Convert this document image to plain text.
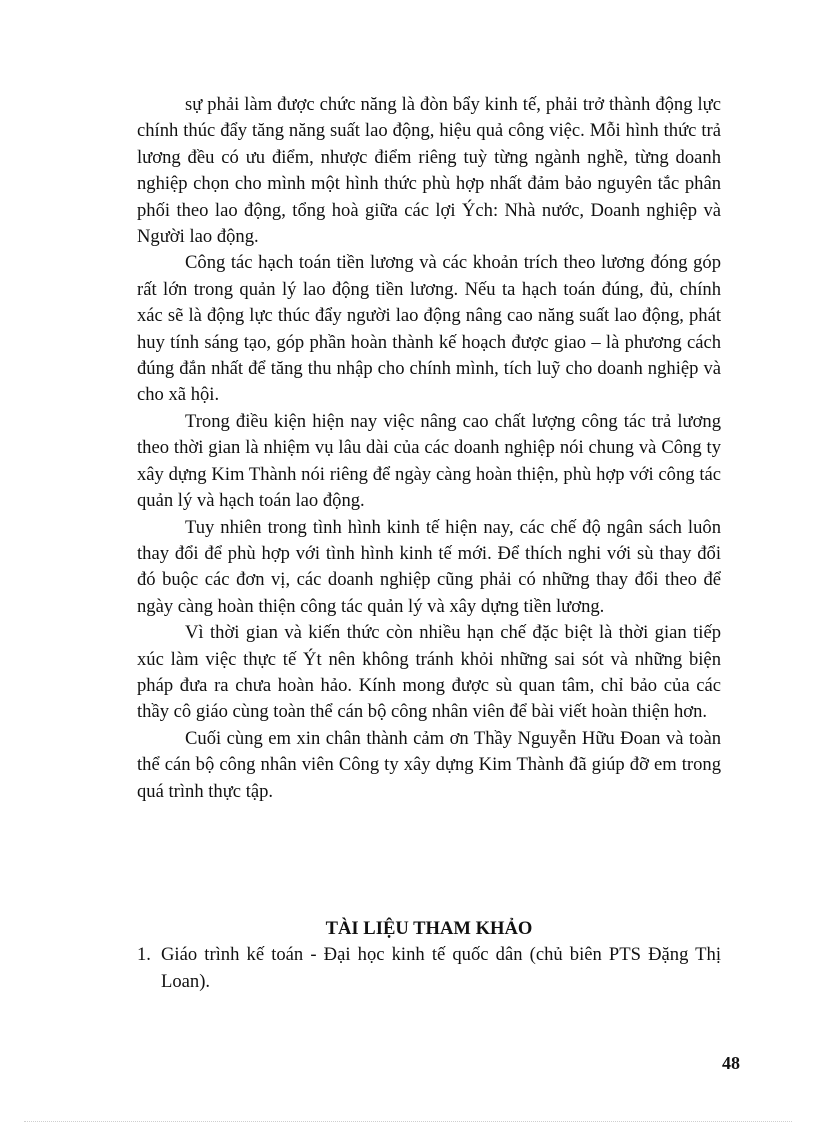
sự phải làm được chức năng là đòn bẩy kinh tế, phải trở thành động lực chính thúc đẩy tăng năng suất lao động, hiệu quả công việc. Mỗi hình thức trả lương đều có ưu điểm, nhược điểm riêng tuỳ từng ngành nghề, từng doanh nghiệp chọn cho mình một hình thức phù hợp nhất đảm bảo nguyên tắc phân phối theo lao động, tổng hoà giữa các lợi Ých: Nhà nước, Doanh nghiệp và Người lao động.

Công tác hạch toán tiền lương và các khoản trích theo lương đóng góp rất lớn trong quản lý lao động tiền lương. Nếu ta hạch toán đúng, đủ, chính xác sẽ là động lực thúc đẩy người lao động nâng cao năng suất lao động, phát huy tính sáng tạo, góp phần hoàn thành kế hoạch được giao – là phương cách đúng đắn nhất để tăng thu nhập cho chính mình, tích luỹ cho doanh nghiệp và cho xã hội.

Trong điều kiện hiện nay việc nâng cao chất lượng công tác trả lương theo thời gian là nhiệm vụ lâu dài của các doanh nghiệp nói chung và Công ty xây dựng Kim Thành nói riêng để ngày càng hoàn thiện, phù hợp với công tác quản lý và hạch toán lao động.

Tuy nhiên trong tình hình kinh tế hiện nay, các chế độ ngân sách luôn thay đổi để phù hợp với tình hình kinh tế mới. Để thích nghi với sù thay đổi đó buộc các đơn vị, các doanh nghiệp cũng phải có những thay đổi theo để ngày càng hoàn thiện công tác quản lý và xây dựng tiền lương.

Vì thời gian và kiến thức còn nhiều hạn chế đặc biệt là thời gian tiếp xúc làm việc thực tế Ýt nên không tránh khỏi những sai sót và những biện pháp đưa ra chưa hoàn hảo. Kính mong được sù quan tâm, chỉ bảo của các thầy cô giáo cùng toàn thể cán bộ công nhân viên để bài viết hoàn thiện hơn.

Cuối cùng em xin chân thành cảm ơn Thầy Nguyễn Hữu Đoan và toàn thể cán bộ công nhân viên Công ty xây dựng Kim Thành đã giúp đỡ em trong quá trình thực tập.

TÀI LIỆU THAM KHẢO
1. Giáo trình kế toán - Đại học kinh tế quốc dân (chủ biên PTS Đặng Thị Loan).
48
